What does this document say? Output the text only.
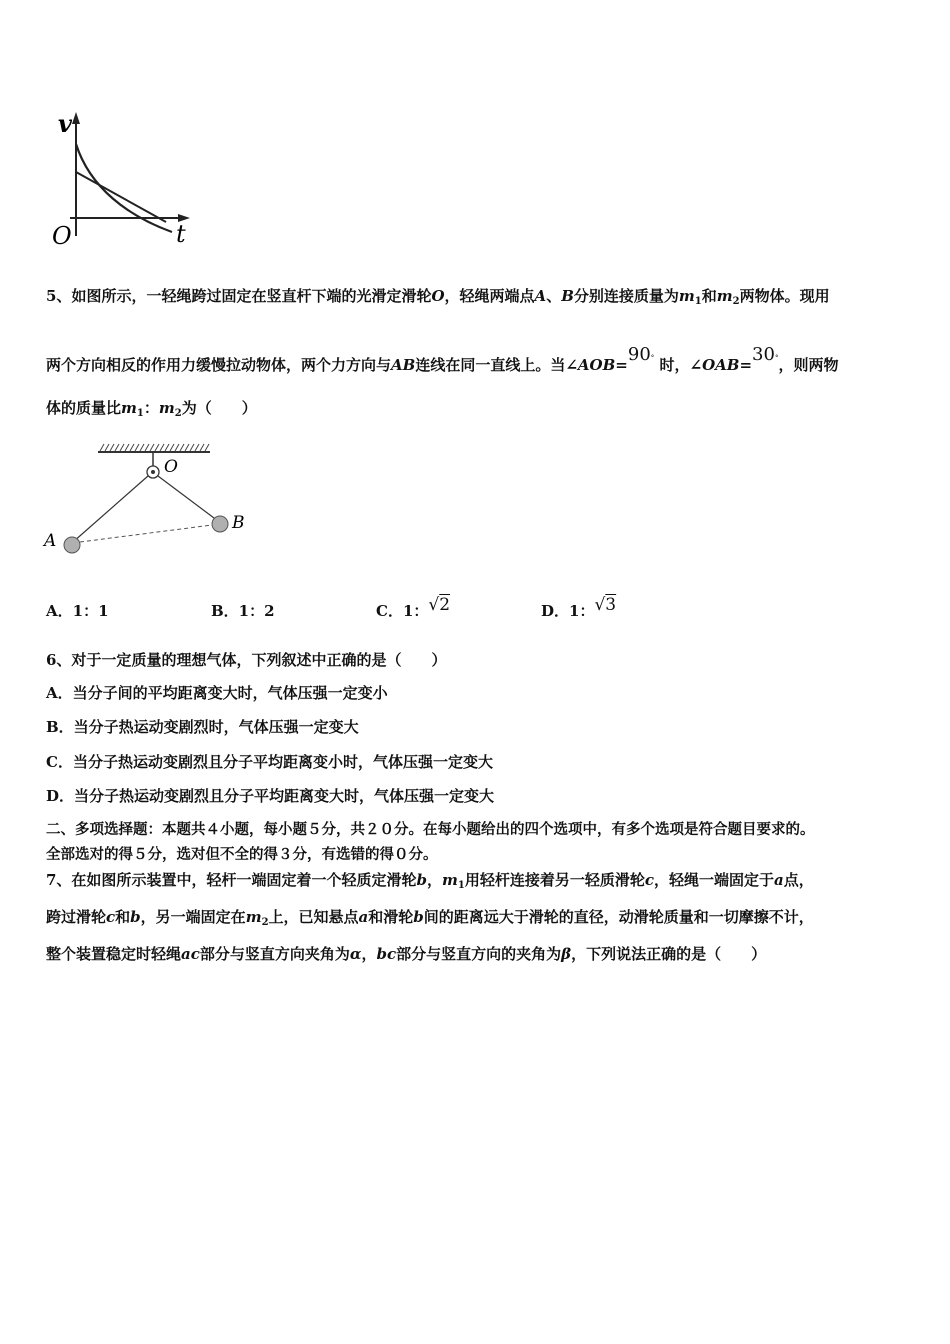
v
O	t
5、如图所示，一轻绳跨过固定在竖直杆下端的光滑定滑轮O，轻绳两端点A、B分别连接质量为$m_1$和$m_2$两物体。现用
两个方向相反的作用力缓慢拉动物体，两个力方向与AB连线在同一直线上。当∠AOB=90° 时，∠OAB=30°，则两物
体的质量比$m_1$：$m_2$为（　　）
O
A
B
A．1：1	B．1：2	C．1：√2	D．1：√3
6、对于一定质量的理想气体，下列叙述中正确的是（　　）
A．当分子间的平均距离变大时，气体压强一定变小
B．当分子热运动变剧烈时，气体压强一定变大
C．当分子热运动变剧烈且分子平均距离变小时，气体压强一定变大
D．当分子热运动变剧烈且分子平均距离变大时，气体压强一定变大
二、多项选择题：本题共４小题，每小题５分，共２０分。在每小题给出的四个选项中，有多个选项是符合题目要求的。
全部选对的得５分，选对但不全的得３分，有选错的得０分。
7、在如图所示装置中，轻杆一端固定着一个轻质定滑轮b，$m_1$用轻杆连接着另一轻质滑轮c，轻绳一端固定于a点，
跨过滑轮c和b，另一端固定在$m_2$上，已知悬点a和滑轮b间的距离远大于滑轮的直径，动滑轮质量和一切摩擦不计，
整个装置稳定时轻绳ac部分与竖直方向夹角为α，bc部分与竖直方向的夹角为β，下列说法正确的是（　　）
